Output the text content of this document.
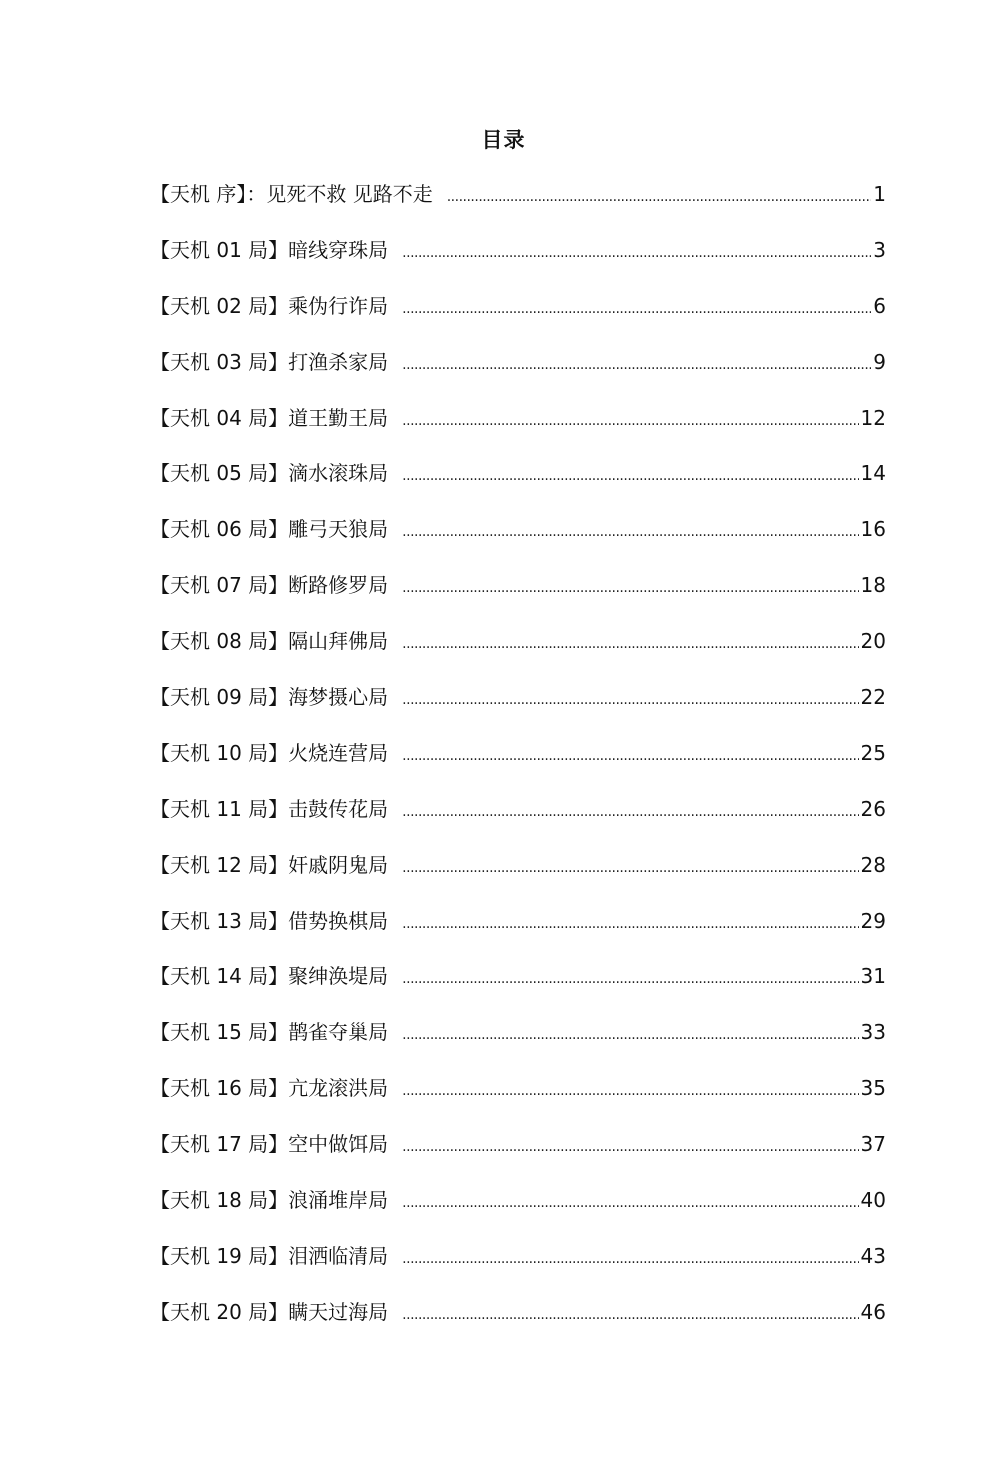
目录
【天机 序】：见死不救 见路不走 .....	1
【天机 01 局】暗线穿珠局 .....	3
【天机 02 局】乘伪行诈局 .....	6
【天机 03 局】打渔杀家局 .....	9
【天机 04 局】道王勤王局 .....	12
【天机 05 局】滴水滚珠局 .....	14
【天机 06 局】雕弓天狼局 .....	16
【天机 07 局】断路修罗局 .....	18
【天机 08 局】隔山拜佛局 .....	20
【天机 09 局】海梦摄心局 .....	22
【天机 10 局】火烧连营局 .....	25
【天机 11 局】击鼓传花局 .....	26
【天机 12 局】奸戚阴鬼局 .....	28
【天机 13 局】借势换棋局 .....	29
【天机 14 局】聚绅涣堤局 .....	31
【天机 15 局】鹊雀夺巢局 .....	33
【天机 16 局】亢龙滚洪局 .....	35
【天机 17 局】空中做饵局 .....	37
【天机 18 局】浪涌堆岸局 .....	40
【天机 19 局】泪洒临清局 .....	43
【天机 20 局】瞒天过海局 .....	46
